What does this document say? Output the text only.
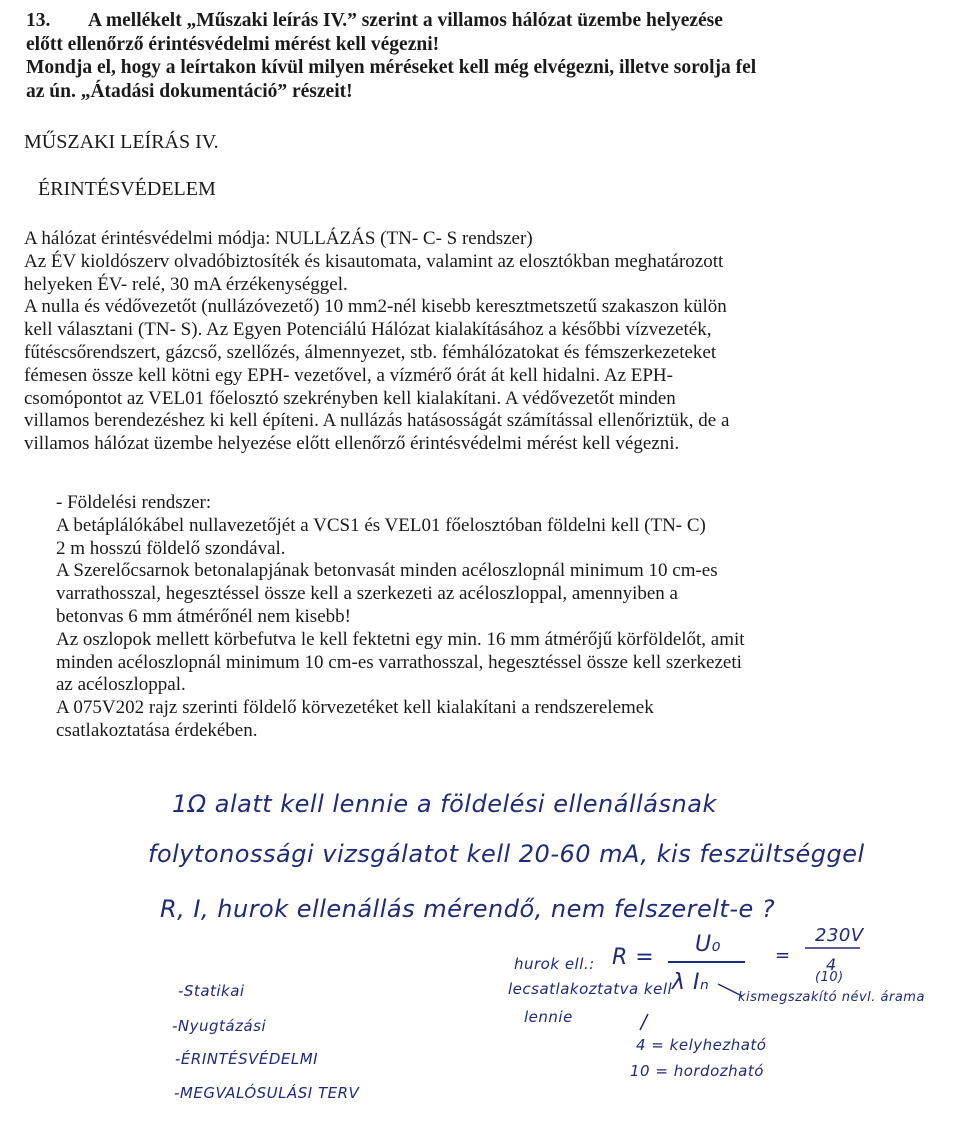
13. A mellékelt „Műszaki leírás IV.” szerint a villamos hálózat üzembe helyezése
előtt ellenőrző érintésvédelmi mérést kell végezni!
Mondja el, hogy a leírtakon kívül milyen méréseket kell még elvégezni, illetve sorolja fel
az ún. „Átadási dokumentáció” részeit!

MŰSZAKI LEÍRÁS IV.

ÉRINTÉSVÉDELEM

A hálózat érintésvédelmi módja: NULLÁZÁS (TN- C- S rendszer)
Az ÉV kioldószerv olvadóbiztosíték és kisautomata, valamint az elosztókban meghatározott
helyeken ÉV- relé, 30 mA érzékenységgel.
A nulla és védővezetőt (nullázóvezető) 10 mm2-nél kisebb keresztmetszetű szakaszon külön
kell választani (TN- S). Az Egyen Potenciálú Hálózat kialakításához a későbbi vízvezeték,
fűtéscsőrendszert, gázcső, szellőzés, álmennyezet, stb. fémhálózatokat és fémszerkezeteket
fémesen össze kell kötni egy EPH- vezetővel, a vízmérő órát át kell hidalni. Az EPH-
csomópontot az VEL01 főelosztó szekrényben kell kialakítani. A védővezetőt minden
villamos berendezéshez ki kell építeni. A nullázás hatásosságát számítással ellenőriztük, de a
villamos hálózat üzembe helyezése előtt ellenőrző érintésvédelmi mérést kell végezni.
- Földelési rendszer:
A betáplálókábel nullavezetőjét a VCS1 és VEL01 főelosztóban földelni kell (TN- C)
2 m hosszú földelő szondával.
A Szerelőcsarnok betonalapjának betonvasát minden acéloszlopnál minimum 10 cm-es
varrathosszal, hegesztéssel össze kell a szerkezeti az acéloszloppal, amennyiben a
betonvas 6 mm átmérőnél nem kisebb!
Az oszlopok mellett körbefutva le kell fektetni egy min. 16 mm átmérőjű körföldelőt, amit
minden acéloszlopnál minimum 10 cm-es varrathosszal, hegesztéssel össze kell szerkezeti
az acéloszloppal.
A 075V202 rajz szerinti földelő körvezetéket kell kialakítani a rendszerelemek
csatlakoztatása érdekében.
1Ω alatt kell lennie a földelési ellenállásnak
folytonossági vizsgálatot kell 20-60 mA, kis feszültséggel
R, I, hurok ellenállás mérendő, nem felszerelt-e ?
-Statikai
-Nyugtázási
-ÉRINTÉSVÉDELMI
-MEGVALÓSULÁSI TERV
hurok ell.:
lecsatlakoztatva kell
lennie
R =
U₀
λ Iₙ
=
230V
4
(10)
kismegszakító névl. árama
4 = kelyhezható
10 = hordozható
